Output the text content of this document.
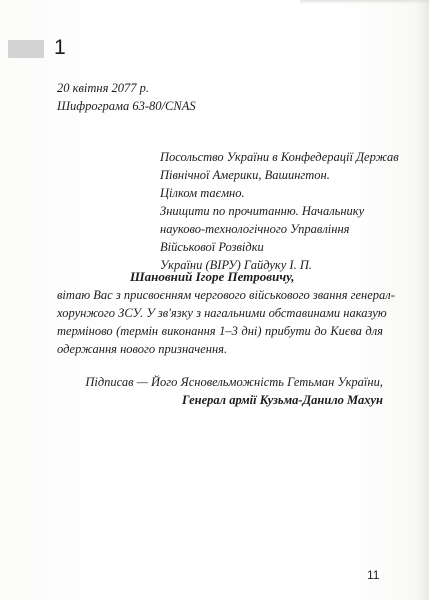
1
20 квітня 2077 р.
Шифрограма 63-80/CNAS
Посольство України в Конфедерації Держав
Північної Америки, Вашингтон.
Цілком таємно.
Знищити по прочитанню. Начальнику
науково-технологічного Управління
Військової Розвідки
України (ВІРУ) Гайдуку І. П.
Шановний Ігоре Петровичу,
вітаю Вас з присвоєнням чергового військового звання генерал-
хорунжого ЗСУ. У зв'язку з нагальними обставинами наказую
терміново (термін виконання 1–3 дні) прибути до Києва для
одержання нового призначення.
Підписав — Його Ясновельможність Гетьман України,
Генерал армії Кузьма-Данило Махун
11
